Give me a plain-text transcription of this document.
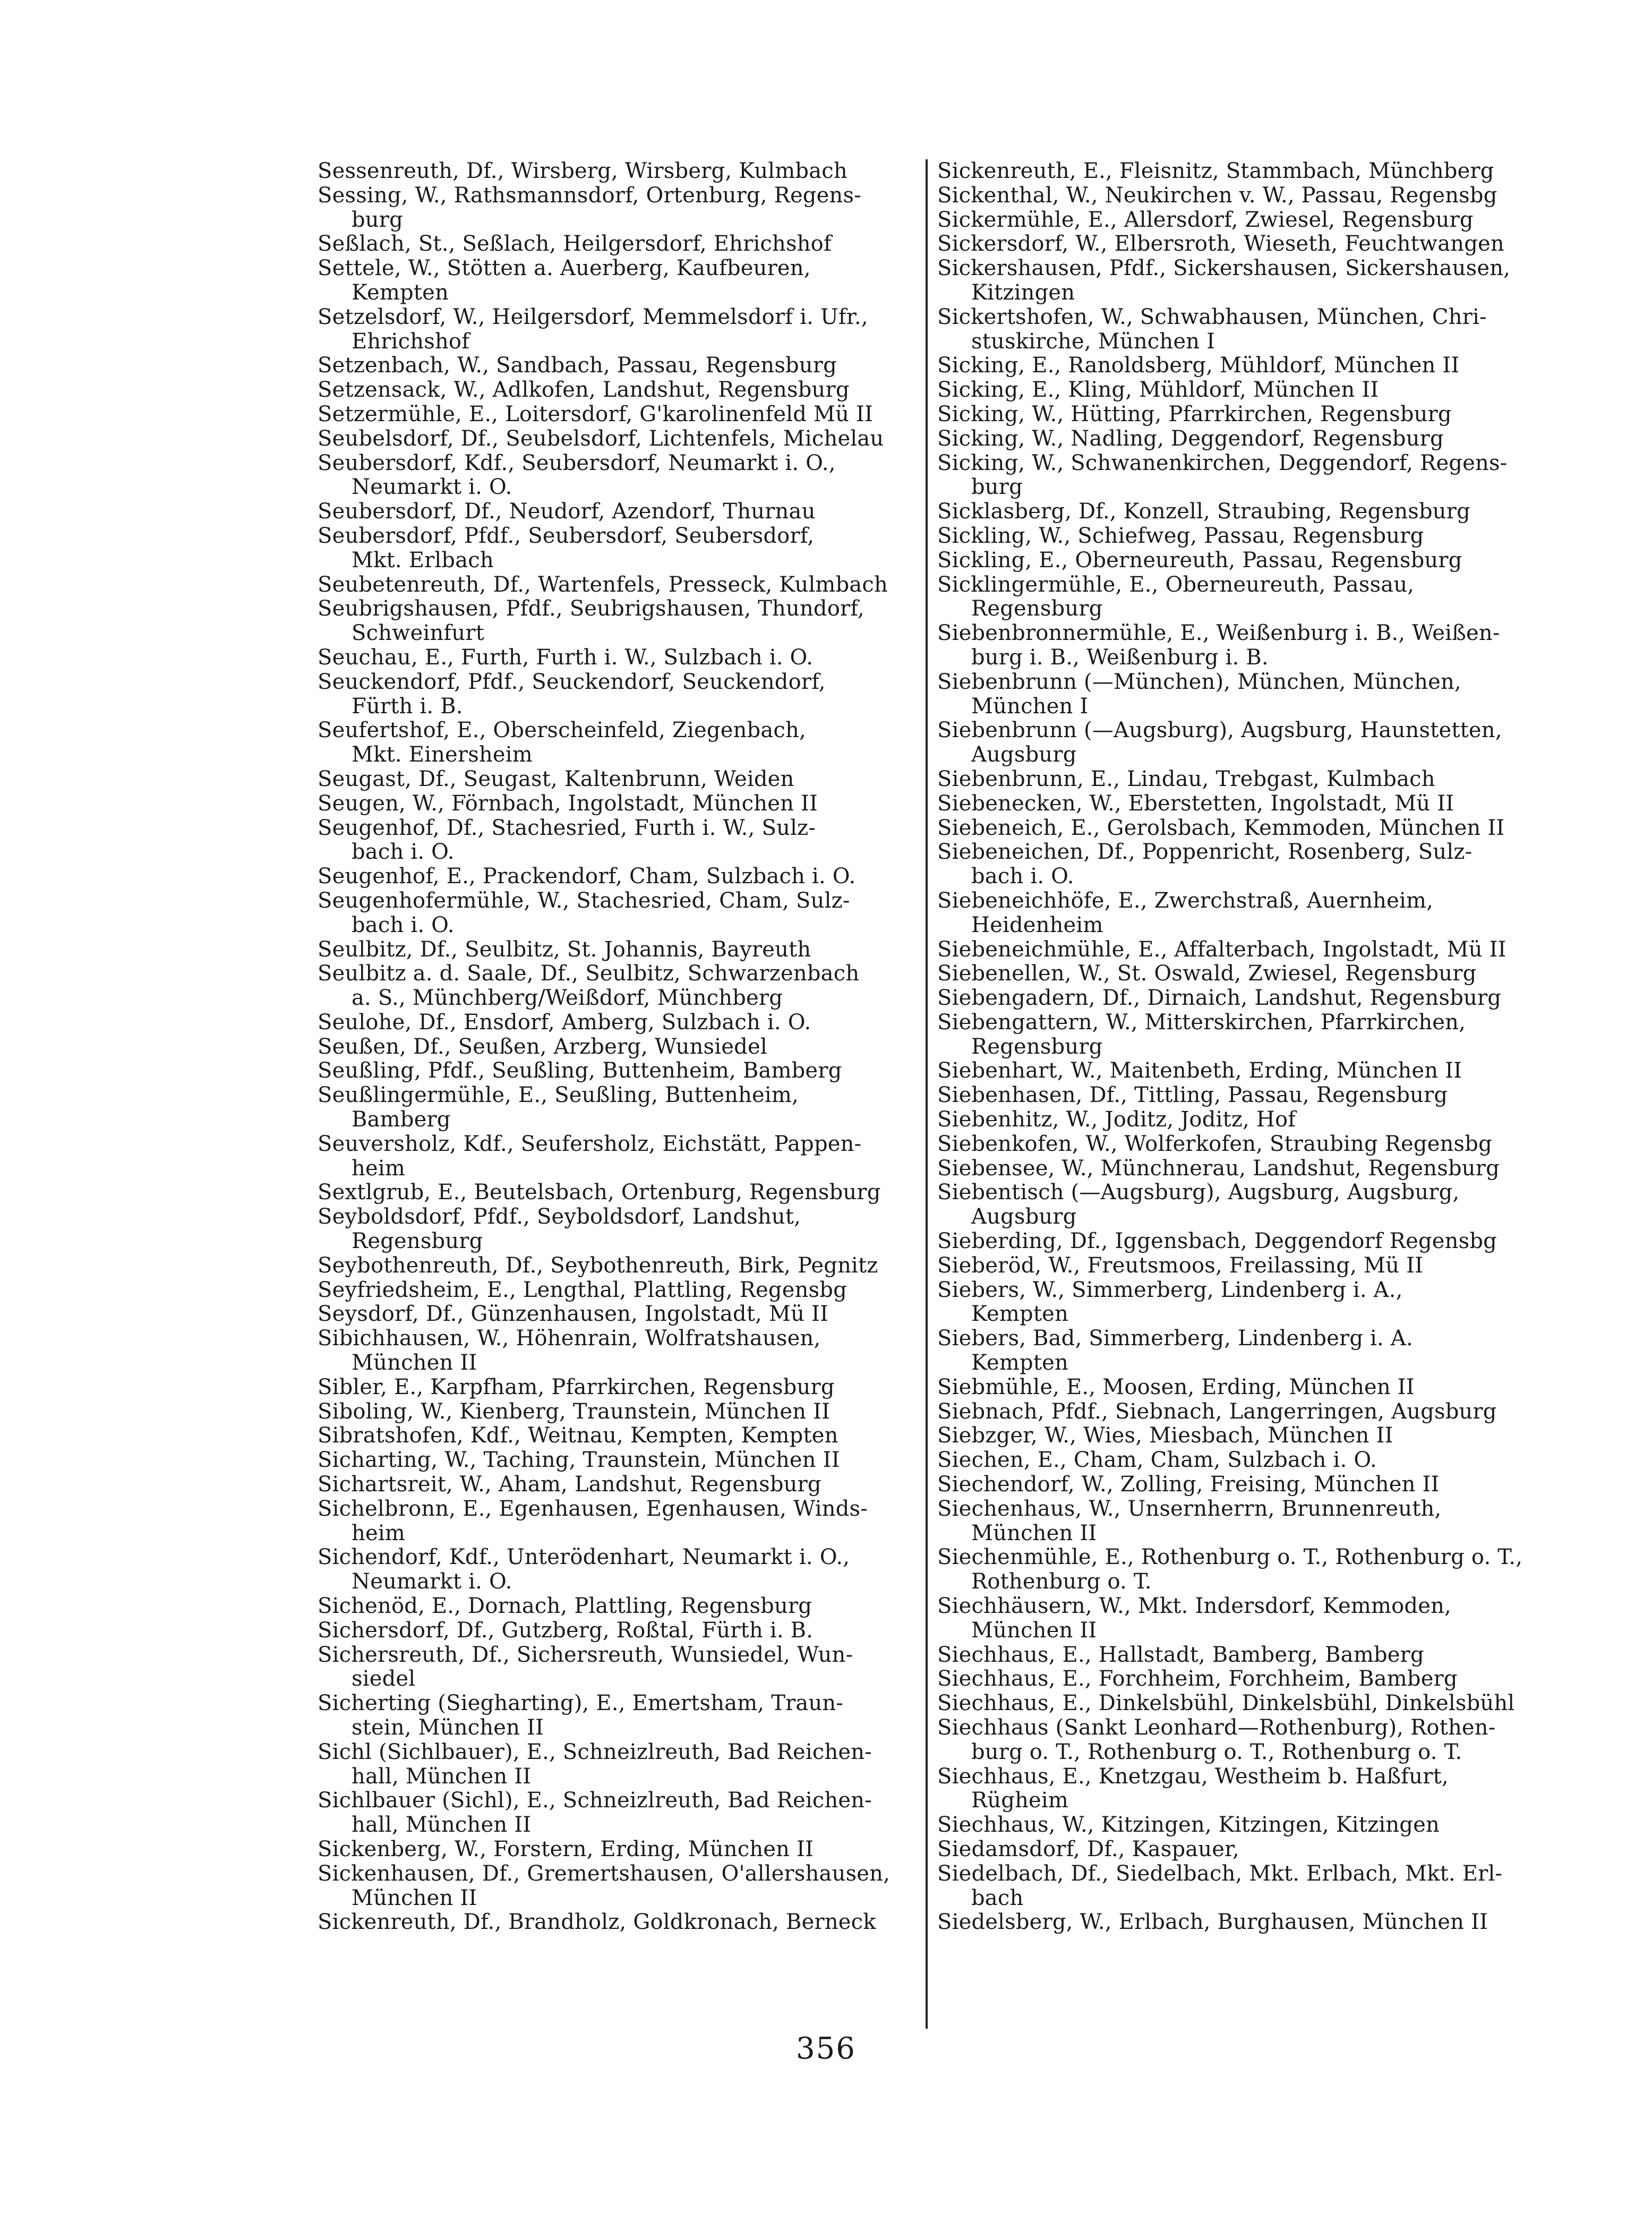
Sessenreuth, Df., Wirsberg, Wirsberg, Kulmbach
Sessing, W., Rathsmannsdorf, Ortenburg, Regens-
burg
Seßlach, St., Seßlach, Heilgersdorf, Ehrichshof
Settele, W., Stötten a. Auerberg, Kaufbeuren,
Kempten
Setzelsdorf, W., Heilgersdorf, Memmelsdorf i. Ufr.,
Ehrichshof
Setzenbach, W., Sandbach, Passau, Regensburg
Setzensack, W., Adlkofen, Landshut, Regensburg
Setzermühle, E., Loitersdorf, G'karolinenfeld Mü II
Seubelsdorf, Df., Seubelsdorf, Lichtenfels, Michelau
Seubersdorf, Kdf., Seubersdorf, Neumarkt i. O.,
Neumarkt i. O.
Seubersdorf, Df., Neudorf, Azendorf, Thurnau
Seubersdorf, Pfdf., Seubersdorf, Seubersdorf,
Mkt. Erlbach
Seubetenreuth, Df., Wartenfels, Presseck, Kulmbach
Seubrigshausen, Pfdf., Seubrigshausen, Thundorf,
Schweinfurt
Seuchau, E., Furth, Furth i. W., Sulzbach i. O.
Seuckendorf, Pfdf., Seuckendorf, Seuckendorf,
Fürth i. B.
Seufertshof, E., Oberscheinfeld, Ziegenbach,
Mkt. Einersheim
Seugast, Df., Seugast, Kaltenbrunn, Weiden
Seugen, W., Förnbach, Ingolstadt, München II
Seugenhof, Df., Stachesried, Furth i. W., Sulz-
bach i. O.
Seugenhof, E., Prackendorf, Cham, Sulzbach i. O.
Seugenhofermühle, W., Stachesried, Cham, Sulz-
bach i. O.
Seulbitz, Df., Seulbitz, St. Johannis, Bayreuth
Seulbitz a. d. Saale, Df., Seulbitz, Schwarzenbach
a. S., Münchberg/Weißdorf, Münchberg
Seulohe, Df., Ensdorf, Amberg, Sulzbach i. O.
Seußen, Df., Seußen, Arzberg, Wunsiedel
Seußling, Pfdf., Seußling, Buttenheim, Bamberg
Seußlingermühle, E., Seußling, Buttenheim,
Bamberg
Seuversholz, Kdf., Seufersholz, Eichstätt, Pappen-
heim
Sextlgrub, E., Beutelsbach, Ortenburg, Regensburg
Seyboldsdorf, Pfdf., Seyboldsdorf, Landshut,
Regensburg
Seybothenreuth, Df., Seybothenreuth, Birk, Pegnitz
Seyfriedsheim, E., Lengthal, Plattling, Regensbg
Seysdorf, Df., Günzenhausen, Ingolstadt, Mü II
Sibichhausen, W., Höhenrain, Wolfratshausen,
München II
Sibler, E., Karpfham, Pfarrkirchen, Regensburg
Siboling, W., Kienberg, Traunstein, München II
Sibratshofen, Kdf., Weitnau, Kempten, Kempten
Sicharting, W., Taching, Traunstein, München II
Sichartsreit, W., Aham, Landshut, Regensburg
Sichelbronn, E., Egenhausen, Egenhausen, Winds-
heim
Sichendorf, Kdf., Unterödenhart, Neumarkt i. O.,
Neumarkt i. O.
Sichenöd, E., Dornach, Plattling, Regensburg
Sichersdorf, Df., Gutzberg, Roßtal, Fürth i. B.
Sichersreuth, Df., Sichersreuth, Wunsiedel, Wun-
siedel
Sicherting (Siegharting), E., Emertsham, Traun-
stein, München II
Sichl (Sichlbauer), E., Schneizlreuth, Bad Reichen-
hall, München II
Sichlbauer (Sichl), E., Schneizlreuth, Bad Reichen-
hall, München II
Sickenberg, W., Forstern, Erding, München II
Sickenhausen, Df., Gremertshausen, O'allershausen,
München II
Sickenreuth, Df., Brandholz, Goldkronach, Berneck
Sickenreuth, E., Fleisnitz, Stammbach, Münchberg
Sickenthal, W., Neukirchen v. W., Passau, Regensbg
Sickermühle, E., Allersdorf, Zwiesel, Regensburg
Sickersdorf, W., Elbersroth, Wieseth, Feuchtwangen
Sickershausen, Pfdf., Sickershausen, Sickershausen,
Kitzingen
Sickertshofen, W., Schwabhausen, München, Chri-
stuskirche, München I
Sicking, E., Ranoldsberg, Mühldorf, München II
Sicking, E., Kling, Mühldorf, München II
Sicking, W., Hütting, Pfarrkirchen, Regensburg
Sicking, W., Nadling, Deggendorf, Regensburg
Sicking, W., Schwanenkirchen, Deggendorf, Regens-
burg
Sicklasberg, Df., Konzell, Straubing, Regensburg
Sickling, W., Schiefweg, Passau, Regensburg
Sickling, E., Oberneureuth, Passau, Regensburg
Sicklingermühle, E., Oberneureuth, Passau,
Regensburg
Siebenbronnermühle, E., Weißenburg i. B., Weißen-
burg i. B., Weißenburg i. B.
Siebenbrunn (—München), München, München,
München I
Siebenbrunn (—Augsburg), Augsburg, Haunstetten,
Augsburg
Siebenbrunn, E., Lindau, Trebgast, Kulmbach
Siebenecken, W., Eberstetten, Ingolstadt, Mü II
Siebeneich, E., Gerolsbach, Kemmoden, München II
Siebeneichen, Df., Poppenricht, Rosenberg, Sulz-
bach i. O.
Siebeneichhöfe, E., Zwerchstraß, Auernheim,
Heidenheim
Siebeneichmühle, E., Affalterbach, Ingolstadt, Mü II
Siebenellen, W., St. Oswald, Zwiesel, Regensburg
Siebengadern, Df., Dirnaich, Landshut, Regensburg
Siebengattern, W., Mitterskirchen, Pfarrkirchen,
Regensburg
Siebenhart, W., Maitenbeth, Erding, München II
Siebenhasen, Df., Tittling, Passau, Regensburg
Siebenhitz, W., Joditz, Joditz, Hof
Siebenkofen, W., Wolferkofen, Straubing Regensbg
Siebensee, W., Münchnerau, Landshut, Regensburg
Siebentisch (—Augsburg), Augsburg, Augsburg,
Augsburg
Sieberding, Df., Iggensbach, Deggendorf Regensbg
Sieberöd, W., Freutsmoos, Freilassing, Mü II
Siebers, W., Simmerberg, Lindenberg i. A.,
Kempten
Siebers, Bad, Simmerberg, Lindenberg i. A.
Kempten
Siebmühle, E., Moosen, Erding, München II
Siebnach, Pfdf., Siebnach, Langerringen, Augsburg
Siebzger, W., Wies, Miesbach, München II
Siechen, E., Cham, Cham, Sulzbach i. O.
Siechendorf, W., Zolling, Freising, München II
Siechenhaus, W., Unsernherrn, Brunnenreuth,
München II
Siechenmühle, E., Rothenburg o. T., Rothenburg o. T.,
Rothenburg o. T.
Siechhäusern, W., Mkt. Indersdorf, Kemmoden,
München II
Siechhaus, E., Hallstadt, Bamberg, Bamberg
Siechhaus, E., Forchheim, Forchheim, Bamberg
Siechhaus, E., Dinkelsbühl, Dinkelsbühl, Dinkelsbühl
Siechhaus (Sankt Leonhard—Rothenburg), Rothen-
burg o. T., Rothenburg o. T., Rothenburg o. T.
Siechhaus, E., Knetzgau, Westheim b. Haßfurt,
Rügheim
Siechhaus, W., Kitzingen, Kitzingen, Kitzingen
Siedamsdorf, Df., Kaspauer,
Siedelbach, Df., Siedelbach, Mkt. Erlbach, Mkt. Erl-
bach
Siedelsberg, W., Erlbach, Burghausen, München II
356
